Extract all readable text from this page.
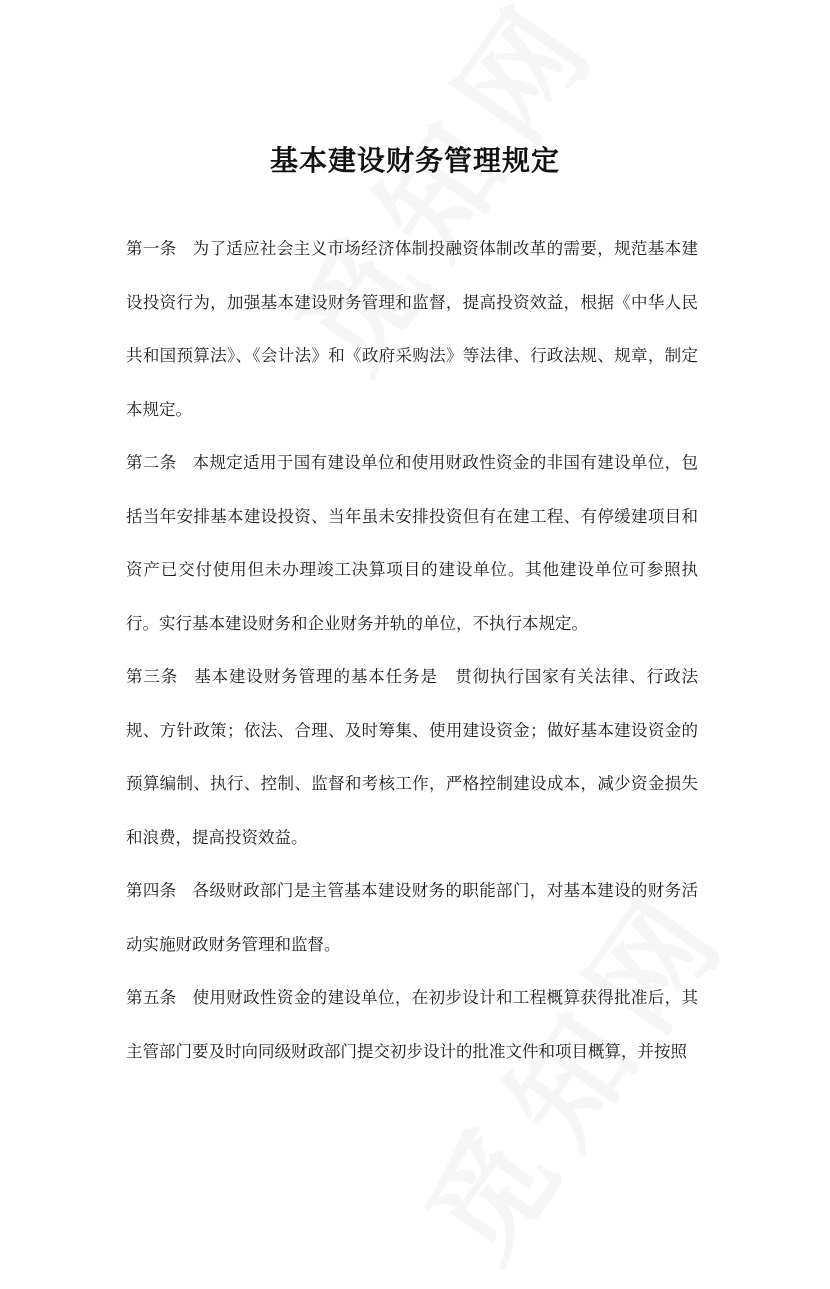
基本建设财务管理规定

第一条 为了适应社会主义市场经济体制投融资体制改革的需要，规范基本建设投资行为，加强基本建设财务管理和监督，提高投资效益，根据《中华人民共和国预算法》、《会计法》和《政府采购法》等法律、行政法规、规章，制定本规定。

第二条 本规定适用于国有建设单位和使用财政性资金的非国有建设单位，包括当年安排基本建设投资、当年虽未安排投资但有在建工程、有停缓建项目和资产已交付使用但未办理竣工决算项目的建设单位。其他建设单位可参照执行。实行基本建设财务和企业财务并轨的单位，不执行本规定。

第三条 基本建设财务管理的基本任务是　贯彻执行国家有关法律、行政法规、方针政策；依法、合理、及时筹集、使用建设资金；做好基本建设资金的预算编制、执行、控制、监督和考核工作，严格控制建设成本，减少资金损失和浪费，提高投资效益。

第四条 各级财政部门是主管基本建设财务的职能部门，对基本建设的财务活动实施财政财务管理和监督。

第五条 使用财政性资金的建设单位，在初步设计和工程概算获得批准后，其主管部门要及时向同级财政部门提交初步设计的批准文件和项目概算，并按照
